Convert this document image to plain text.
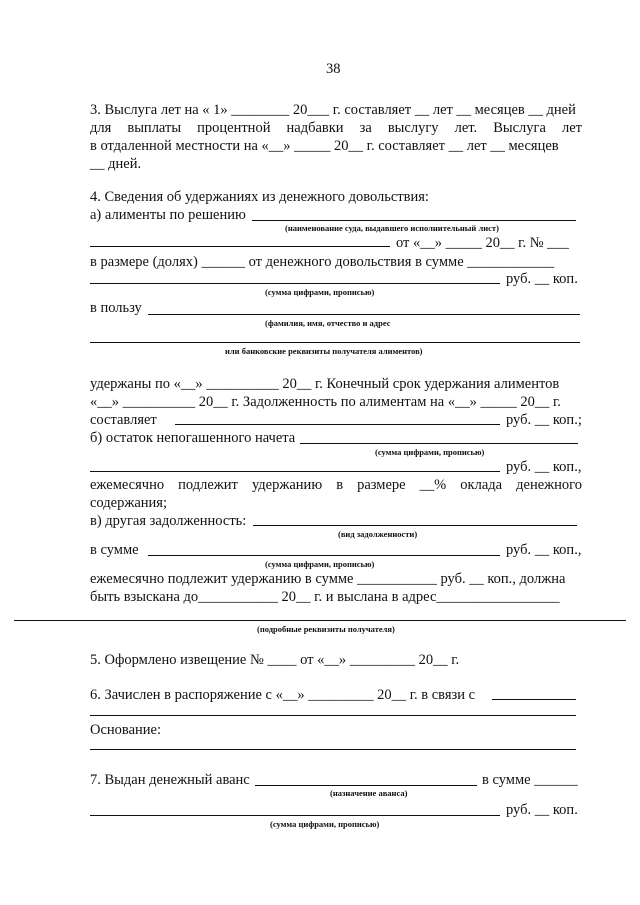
38
3. Выслуга лет на « 1» ________ 20___ г. составляет __ лет __ месяцев __ дней
для выплаты процентной надбавки за выслугу лет. Выслуга лет
в отдаленной местности на «__» _____ 20__ г. составляет __ лет __ месяцев
__ дней.
4. Сведения об удержаниях из денежного довольствия:
а) алименты по решению
(наименование суда, выдавшего исполнительный лист)
от «__» _____ 20__ г. № ___
в размере (долях) ______ от денежного довольствия в сумме ____________
руб. __ коп.
(сумма цифрами, прописью)
в пользу
(фамилия, имя, отчество и адрес
или банковские реквизиты получателя алиментов)
удержаны по «__» __________ 20__ г. Конечный срок удержания алиментов
«__» __________ 20__ г. Задолженность по алиментам на «__» _____ 20__ г.
составляет	руб. __ коп.;
б) остаток непогашенного начета
(сумма цифрами, прописью)
руб. __ коп.,
ежемесячно подлежит удержанию в размере __% оклада денежного
содержания;
в) другая задолженность:
(вид задолженности)
в сумме	руб. __ коп.,
(сумма цифрами, прописью)
ежемесячно подлежит удержанию в сумме ___________ руб. __ коп., должна
быть взыскана до___________ 20__ г. и выслана в адрес_________________
(подробные реквизиты получателя)
5. Оформлено извещение № ____ от «__» _________ 20__ г.
6. Зачислен в распоряжение с «__» _________ 20__ г. в связи с
Основание:
7. Выдан денежный аванс	в сумме ______
(назначение аванса)
руб. __ коп.
(сумма цифрами, прописью)
